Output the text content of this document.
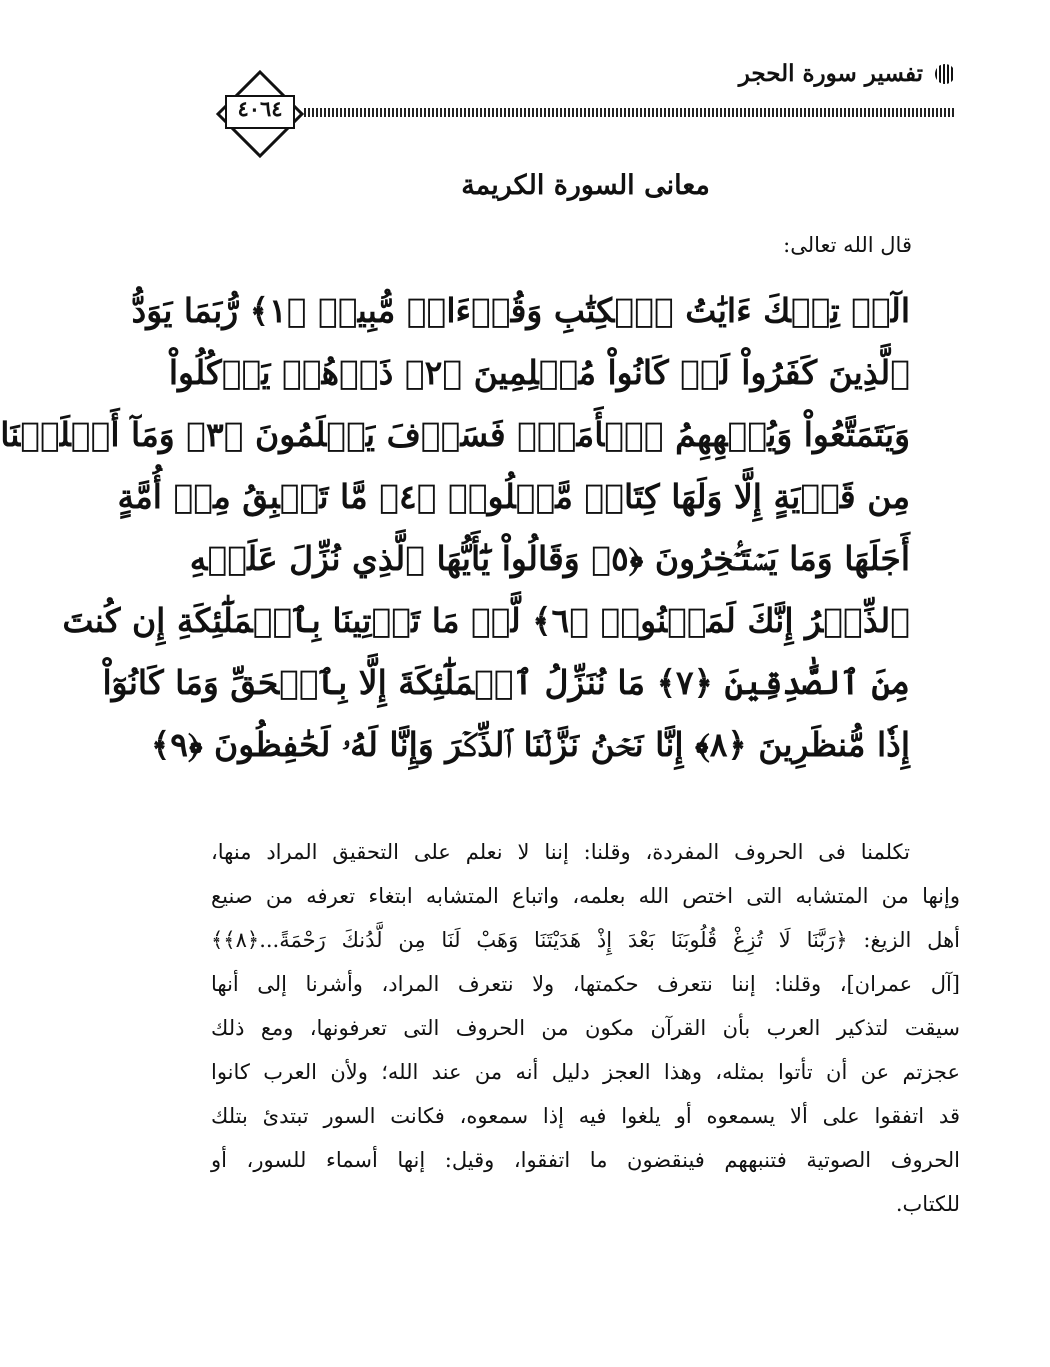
تفسير سورة الحجر
٤٠٦٤
معانى السورة الكريمة
قال الله تعالى:
الٓرۚ تِلۡكَ ءَايَٰتُ ٱلۡكِتَٰبِ وَقُرۡءَانٖ مُّبِينٖ ﴿١﴾ رُّبَمَا يَوَدُّ
ٱلَّذِينَ كَفَرُواْ لَوۡ كَانُواْ مُسۡلِمِينَ ﴿٢﴾ ذَرۡهُمۡ يَأۡكُلُواْ
وَيَتَمَتَّعُواْ وَيُلۡهِهِمُ ٱلۡأَمَلُۖ فَسَوۡفَ يَعۡلَمُونَ ﴿٣﴾ وَمَآ أَهۡلَكۡنَا
مِن قَرۡيَةٍ إِلَّا وَلَهَا كِتَابٞ مَّعۡلُومٞ ﴿٤﴾ مَّا تَسۡبِقُ مِنۡ أُمَّةٍ
أَجَلَهَا وَمَا يَسۡتَـٔۡخِرُونَ ﴿٥﴾ وَقَالُواْ يَٰٓأَيُّهَا ٱلَّذِي نُزِّلَ عَلَيۡهِ
ٱلذِّكۡرُ إِنَّكَ لَمَجۡنُونٞ ﴿٦﴾ لَّوۡ مَا تَأۡتِينَا بِٱلۡمَلَٰٓئِكَةِ إِن كُنتَ
مِنَ ٱلصَّٰدِقِينَ ﴿٧﴾ مَا نُنَزِّلُ ٱلۡمَلَٰٓئِكَةَ إِلَّا بِٱلۡحَقِّ وَمَا كَانُوٓاْ
إِذٗا مُّنظَرِينَ ﴿٨﴾ إِنَّا نَحۡنُ نَزَّلۡنَا ٱلذِّكۡرَ وَإِنَّا لَهُۥ لَحَٰفِظُونَ ﴿٩﴾
تكلمنا فى الحروف المفردة، وقلنا: إننا لا نعلم على التحقيق المراد منها،
وإنها من المتشابه التى اختص الله بعلمه، واتباع المتشابه ابتغاء تعرفه من صنيع
أهل الزيغ: ﴿رَبَّنَا لَا تُزِغْ قُلُوبَنَا بَعْدَ إِذْ هَدَيْتَنَا وَهَبْ لَنَا مِن لَّدُنكَ رَحْمَةً...﴿٨﴾﴾
[آل عمران]، وقلنا: إننا نتعرف حكمتها، ولا نتعرف المراد، وأشرنا إلى أنها
سيقت لتذكير العرب بأن القرآن مكون من الحروف التى تعرفونها، ومع ذلك
عجزتم عن أن تأتوا بمثله، وهذا العجز دليل أنه من عند الله؛ ولأن العرب كانوا
قد اتفقوا على ألا يسمعوه أو يلغوا فيه إذا سمعوه، فكانت السور تبتدئ بتلك
الحروف الصوتية فتنبههم فينقضون ما اتفقوا، وقيل: إنها أسماء للسور، أو
للكتاب.
